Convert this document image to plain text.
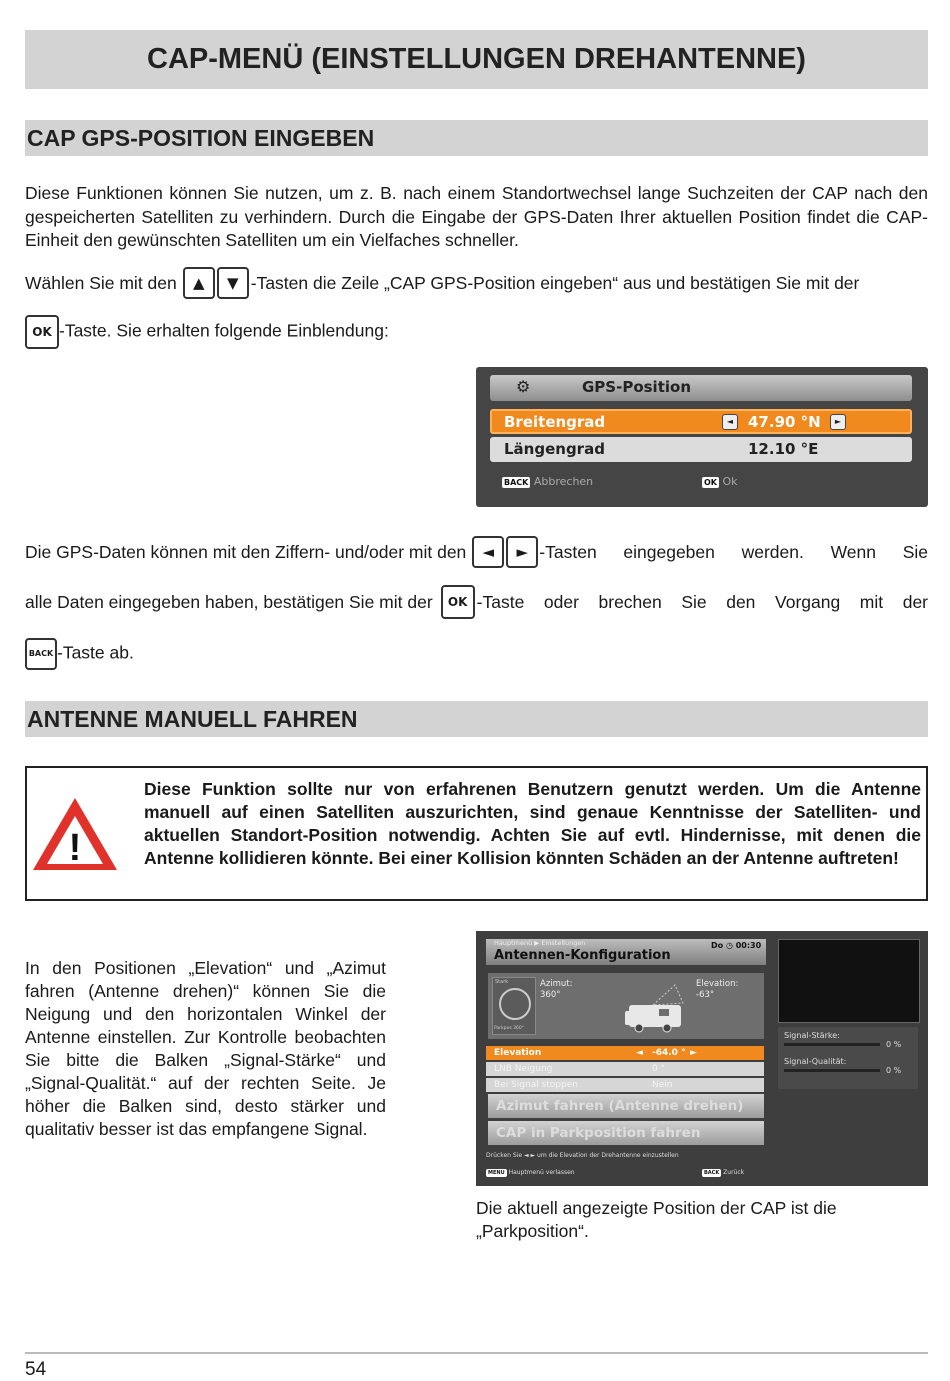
CAP-MENÜ (EINSTELLUNGEN DREHANTENNE)
CAP GPS-POSITION EINGEBEN
Diese Funktionen können Sie nutzen, um z. B. nach einem Standortwechsel lange Suchzeiten der CAP nach den gespeicherten Satelliten zu verhindern. Durch die Eingabe der GPS-Daten Ihrer aktuellen Position findet die CAP-Einheit den gewünschten Satelliten um ein Vielfaches schneller.
Wählen Sie mit den	▲	▼ -Tasten die Zeile „CAP GPS-Position eingeben“ aus und bestätigen Sie mit der
OK -Taste. Sie erhalten folgende Einblendung:
⚙	GPS-Position
Breitengrad	◄ 47.90 °N	►
Längengrad	12.10 °E
BACK Abbrechen	OK Ok
Die GPS-Daten können mit den Ziffern- und/oder mit den	◄	► -Tasten eingegeben werden. Wenn Sie
alle Daten eingegeben haben, bestätigen Sie mit der	OK -Taste oder brechen Sie den Vorgang mit der
BACK -Taste ab.
ANTENNE MANUELL FAHREN
!
Diese Funktion sollte nur von erfahrenen Benutzern genutzt werden. Um die Antenne manuell auf einen Satelliten auszurichten, sind genaue Kenntnisse der Satelliten- und aktuellen Standort-Position notwendig. Achten Sie auf evtl. Hindernisse, mit denen die Antenne kollidieren könnte. Bei einer Kollision könnten Schäden an der Antenne auftreten!
In den Positionen „Elevation“ und „Azimut fahren (Antenne drehen)“ können Sie die Neigung und den horizontalen Winkel der Antenne einstellen. Zur Kontrolle beobachten Sie bitte die Balken „Signal-Stärke“ und „Signal-Qualität.“ auf der rechten Seite. Je höher die Balken sind, desto stärker und qualitativ besser ist das empfangene Signal.
Hauptmenü ▶ Einstellungen
Antennen-Konfiguration
Do ◷ 00:30
Stark
Parkpos 360°
Azimut:
360°
Elevation:
-63°
Signal-Stärke:
0 %
Signal-Qualität:
0 %
Elevation	◄ -64.0 ° ►
LNB Neigung	0 °
Bei Signal stoppen	Nein
Azimut fahren (Antenne drehen)
CAP in Parkposition fahren
Drücken Sie ◄ ► um die Elevation der Drehantenne einzustellen
MENU Hauptmenü verlassen	BACK Zurück
Die aktuell angezeigte Position der CAP ist die „Parkposition“.
54
